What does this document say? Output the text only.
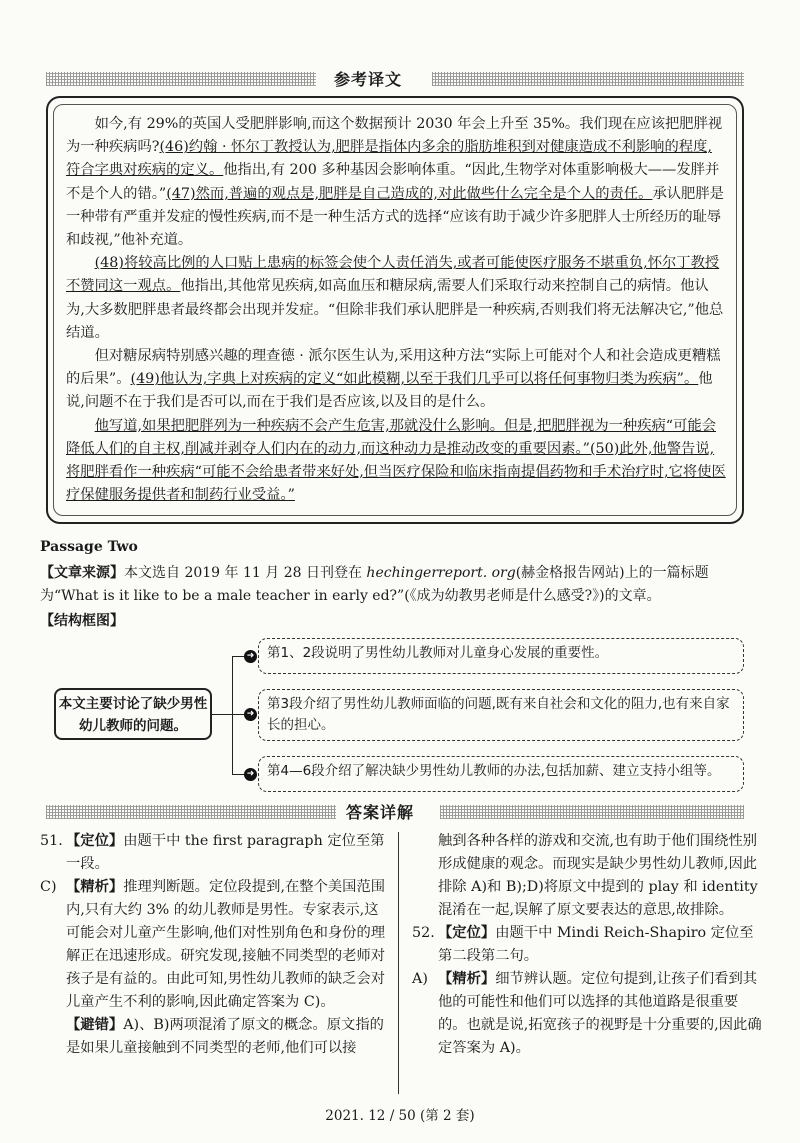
参考译文

如今,有 29%的英国人受肥胖影响,而这个数据预计 2030 年会上升至 35%。我们现在应该把肥胖视为一种疾病吗?(46)约翰 · 怀尔丁教授认为,肥胖是指体内多余的脂肪堆积到对健康造成不利影响的程度,符合字典对疾病的定义。他指出,有 200 多种基因会影响体重。“因此,生物学对体重影响极大——发胖并不是个人的错。”(47)然而,普遍的观点是,肥胖是自己造成的,对此做些什么完全是个人的责任。承认肥胖是一种带有严重并发症的慢性疾病,而不是一种生活方式的选择“应该有助于减少许多肥胖人士所经历的耻辱和歧视,”他补充道。

(48)将较高比例的人口贴上患病的标签会使个人责任消失,或者可能使医疗服务不堪重负,怀尔丁教授不赞同这一观点。他指出,其他常见疾病,如高血压和糖尿病,需要人们采取行动来控制自己的病情。他认为,大多数肥胖患者最终都会出现并发症。“但除非我们承认肥胖是一种疾病,否则我们将无法解决它,”他总结道。

但对糖尿病特别感兴趣的理查德 · 派尔医生认为,采用这种方法“实际上可能对个人和社会造成更糟糕的后果”。(49)他认为,字典上对疾病的定义“如此模糊,以至于我们几乎可以将任何事物归类为疾病”。他说,问题不在于我们是否可以,而在于我们是否应该,以及目的是什么。

他写道,如果把肥胖列为一种疾病不会产生危害,那就没什么影响。但是,把肥胖视为一种疾病“可能会降低人们的自主权,削减并剥夺人们内在的动力,而这种动力是推动改变的重要因素。”(50)此外,他警告说,将肥胖看作一种疾病“可能不会给患者带来好处,但当医疗保险和临床指南提倡药物和手术治疗时,它将使医疗保健服务提供者和制药行业受益。”

Passage Two
【文章来源】本文选自 2019 年 11 月 28 日刊登在 hechingerreport. org(赫金格报告网站)上的一篇标题为“What is it like to be a male teacher in early ed?”(《成为幼教男老师是什么感受?》)的文章。
【结构框图】
本文主要讨论了缺少男性幼儿教师的问题。
➜ 第1、2段说明了男性幼儿教师对儿童身心发展的重要性。
➜
第3段介绍了男性幼儿教师面临的问题,既有来自社会和文化的阻力,也有来自家长的担心。
➜ 第4—6段介绍了解决缺少男性幼儿教师的办法,包括加薪、建立支持小组等。
答案详解

51.【定位】由题干中 the first paragraph 定位至第一段。

C)【精析】推理判断题。定位段提到,在整个美国范围内,只有大约 3% 的幼儿教师是男性。专家表示,这可能会对儿童产生影响,他们对性别角色和身份的理解正在迅速形成。研究发现,接触不同类型的老师对孩子是有益的。由此可知,男性幼儿教师的缺乏会对儿童产生不利的影响,因此确定答案为 C)。

【避错】A)、B)两项混淆了原文的概念。原文指的是如果儿童接触到不同类型的老师,他们可以接

触到各种各样的游戏和交流,也有助于他们围绕性别形成健康的观念。而现实是缺少男性幼儿教师,因此排除 A)和 B);D)将原文中提到的 play 和 identity 混淆在一起,误解了原文要表达的意思,故排除。

52.【定位】由题干中 Mindi Reich-Shapiro 定位至第二段第二句。

A)【精析】细节辨认题。定位句提到,让孩子们看到其他的可能性和他们可以选择的其他道路是很重要的。也就是说,拓宽孩子的视野是十分重要的,因此确定答案为 A)。

2021. 12 / 50 (第 2 套)
